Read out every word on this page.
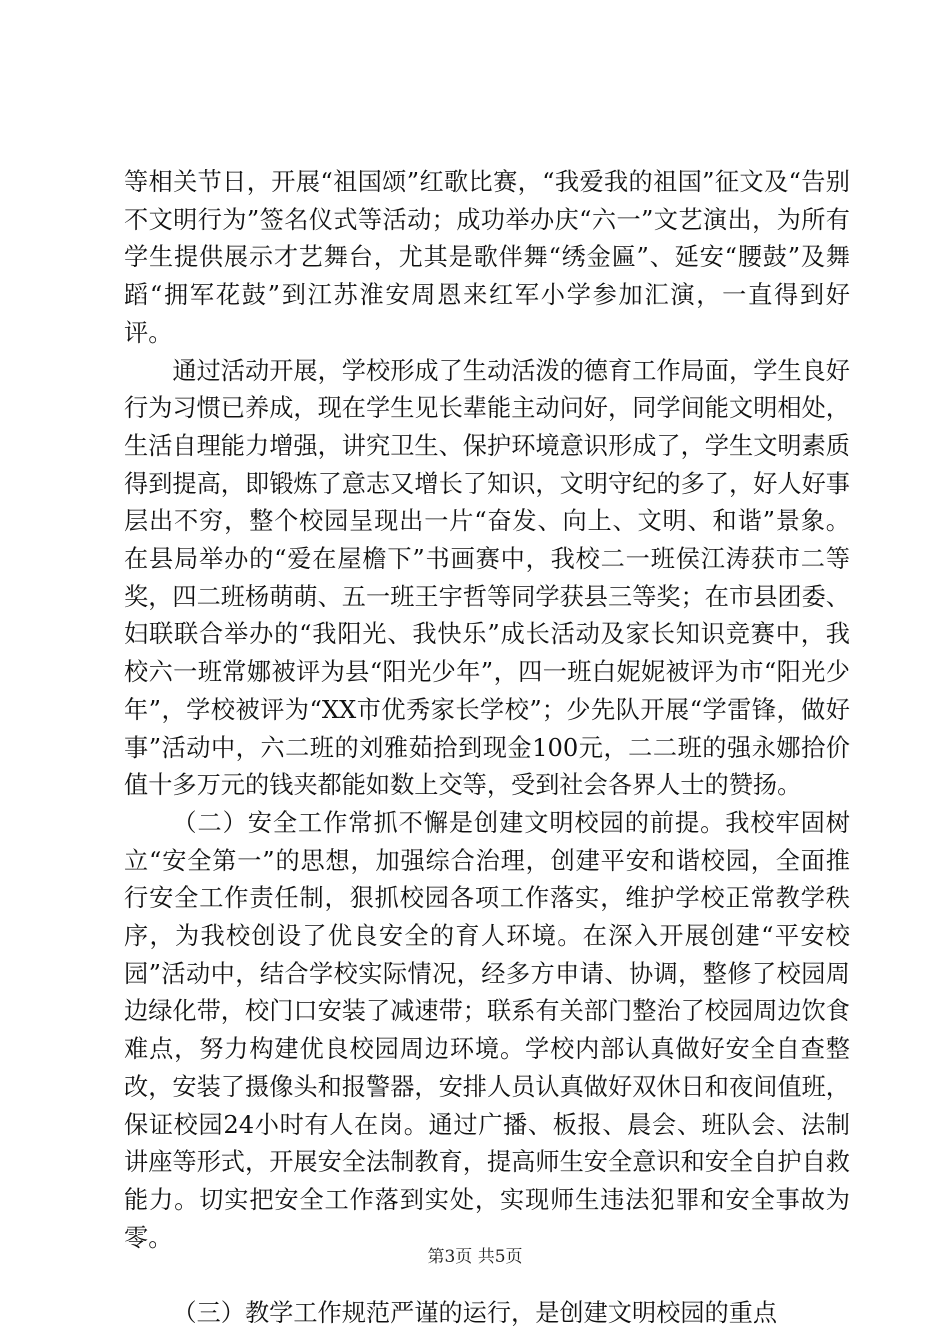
等相关节日，开展“祖国颂”红歌比赛，“我爱我的祖国”征文及“告别不文明行为”签名仪式等活动；成功举办庆“六一”文艺演出，为所有学生提供展示才艺舞台，尤其是歌伴舞“绣金匾”、延安“腰鼓”及舞蹈“拥军花鼓”到江苏淮安周恩来红军小学参加汇演，一直得到好评。

通过活动开展，学校形成了生动活泼的德育工作局面，学生良好行为习惯已养成，现在学生见长辈能主动问好，同学间能文明相处，生活自理能力增强，讲究卫生、保护环境意识形成了，学生文明素质得到提高，即锻炼了意志又增长了知识，文明守纪的多了，好人好事层出不穷，整个校园呈现出一片“奋发、向上、文明、和谐”景象。在县局举办的“爱在屋檐下”书画赛中，我校二一班侯江涛获市二等奖，四二班杨萌萌、五一班王宇哲等同学获县三等奖；在市县团委、妇联联合举办的“我阳光、我快乐”成长活动及家长知识竞赛中，我校六一班常娜被评为县“阳光少年”，四一班白妮妮被评为市“阳光少年”，学校被评为“XX市优秀家长学校”；少先队开展“学雷锋，做好事”活动中，六二班的刘雅茹拾到现金100元，二二班的强永娜拾价值十多万元的钱夹都能如数上交等，受到社会各界人士的赞扬。

（二）安全工作常抓不懈是创建文明校园的前提。我校牢固树立“安全第一”的思想，加强综合治理，创建平安和谐校园，全面推行安全工作责任制，狠抓校园各项工作落实，维护学校正常教学秩序，为我校创设了优良安全的育人环境。在深入开展创建“平安校园”活动中，结合学校实际情况，经多方申请、协调，整修了校园周边绿化带，校门口安装了减速带；联系有关部门整治了校园周边饮食难点，努力构建优良校园周边环境。学校内部认真做好安全自查整改，安装了摄像头和报警器，安排人员认真做好双休日和夜间值班，保证校园24小时有人在岗。通过广播、板报、晨会、班队会、法制讲座等形式，开展安全法制教育，提高师生安全意识和安全自护自救能力。切实把安全工作落到实处，实现师生违法犯罪和安全事故为零。

（三）教学工作规范严谨的运行，是创建文明校园的重点

第3页 共5页
